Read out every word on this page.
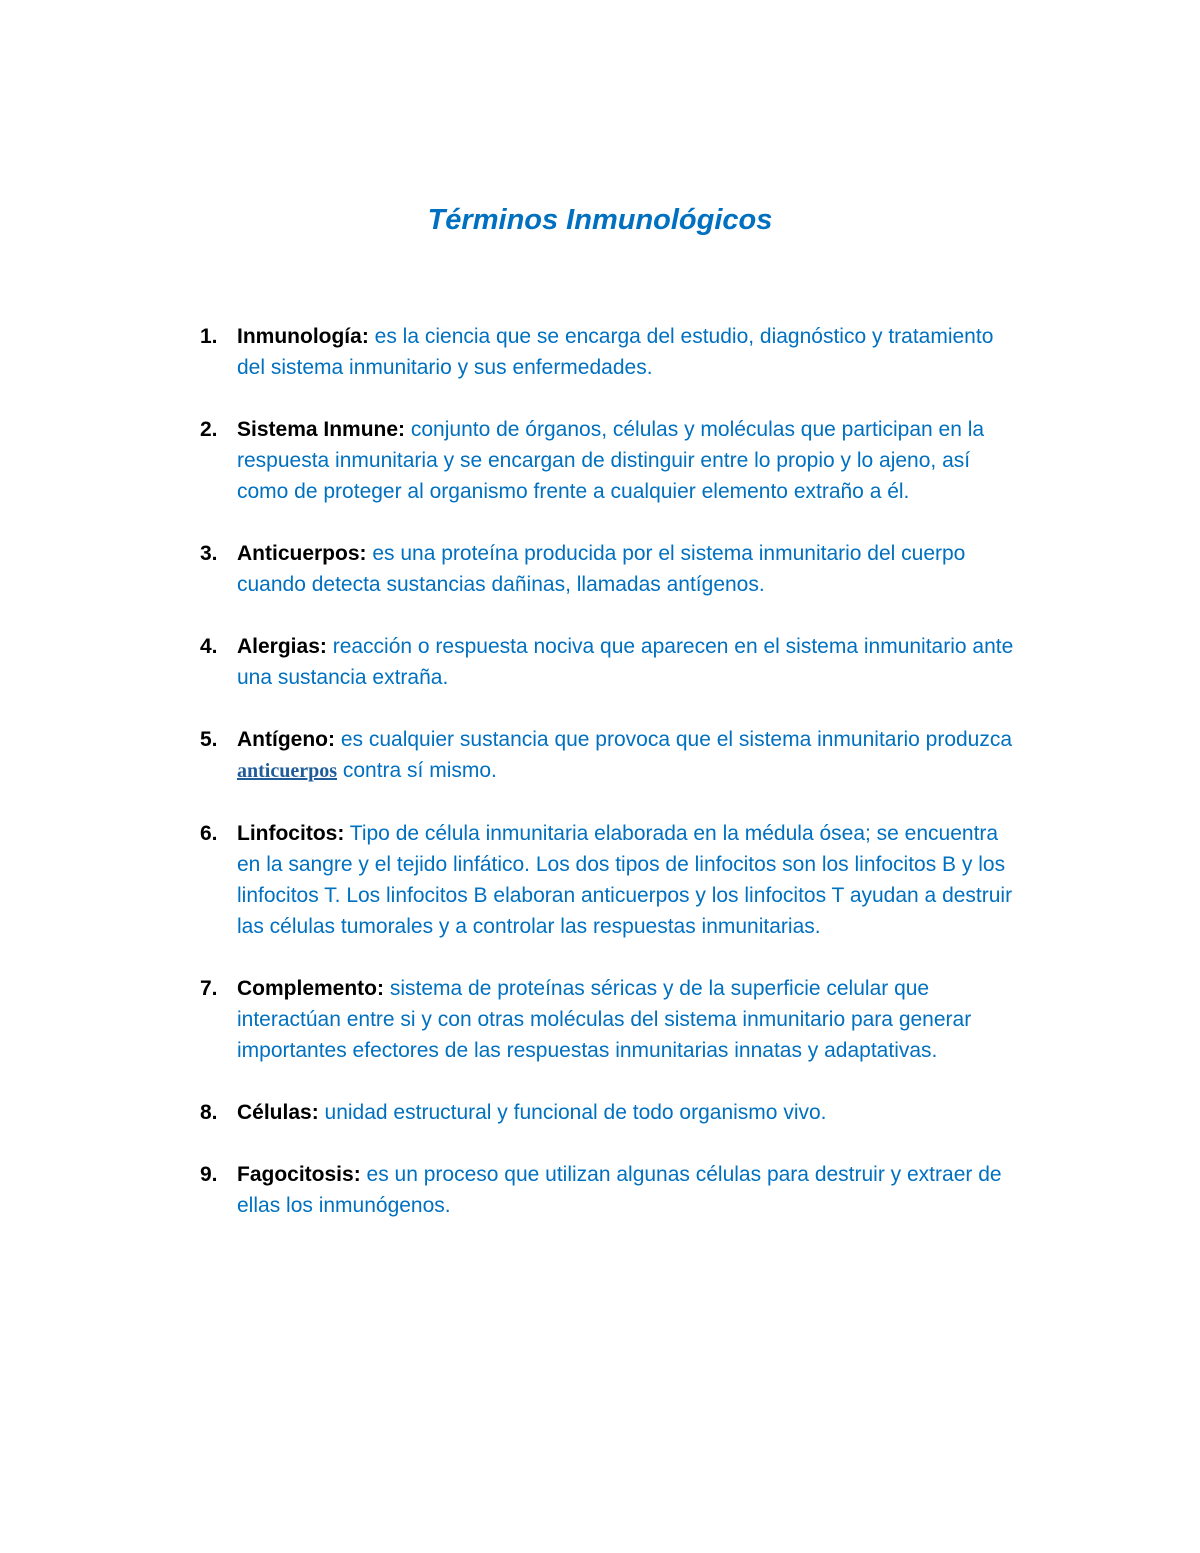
Términos Inmunológicos
1. Inmunología: es la ciencia que se encarga del estudio, diagnóstico y tratamiento del sistema inmunitario y sus enfermedades.
2. Sistema Inmune: conjunto de órganos, células y moléculas que participan en la respuesta inmunitaria y se encargan de distinguir entre lo propio y lo ajeno, así como de proteger al organismo frente a cualquier elemento extraño a él.
3. Anticuerpos: es una proteína producida por el sistema inmunitario del cuerpo cuando detecta sustancias dañinas, llamadas antígenos.
4. Alergias: reacción o respuesta nociva que aparecen en el sistema inmunitario ante una sustancia extraña.
5. Antígeno: es cualquier sustancia que provoca que el sistema inmunitario produzca anticuerpos contra sí mismo.
6. Linfocitos: Tipo de célula inmunitaria elaborada en la médula ósea; se encuentra en la sangre y el tejido linfático. Los dos tipos de linfocitos son los linfocitos B y los linfocitos T. Los linfocitos B elaboran anticuerpos y los linfocitos T ayudan a destruir las células tumorales y a controlar las respuestas inmunitarias.
7. Complemento: sistema de proteínas séricas y de la superficie celular que interactúan entre si y con otras moléculas del sistema inmunitario para generar importantes efectores de las respuestas inmunitarias innatas y adaptativas.
8. Células: unidad estructural y funcional de todo organismo vivo.
9. Fagocitosis: es un proceso que utilizan algunas células para destruir y extraer de ellas los inmunógenos.
